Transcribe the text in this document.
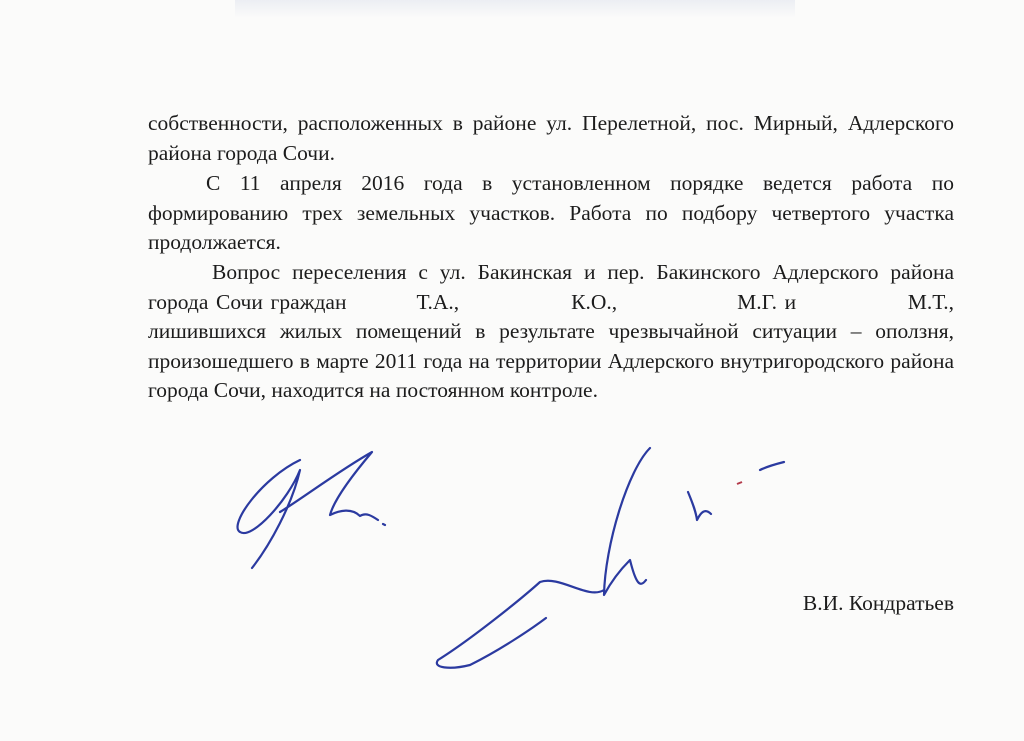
собственности, расположенных в районе ул. Перелетной, пос. Мирный, Адлерского района города Сочи.

С 11 апреля 2016 года в установленном порядке ведется работа по формированию трех земельных участков. Работа по подбору четвертого участка продолжается.

Вопрос переселения с ул. Бакинская и пер. Бакинского Адлерского района города Сочи граждан	Т.А.,	К.О.,	М.Г. и	М.Т., лишившихся жилых помещений в результате чрезвычайной ситуации – оползня, произошедшего в марте 2011 года на территории Адлерского внутригородского района города Сочи, находится на постоянном контроле.

В.И. Кондратьев
